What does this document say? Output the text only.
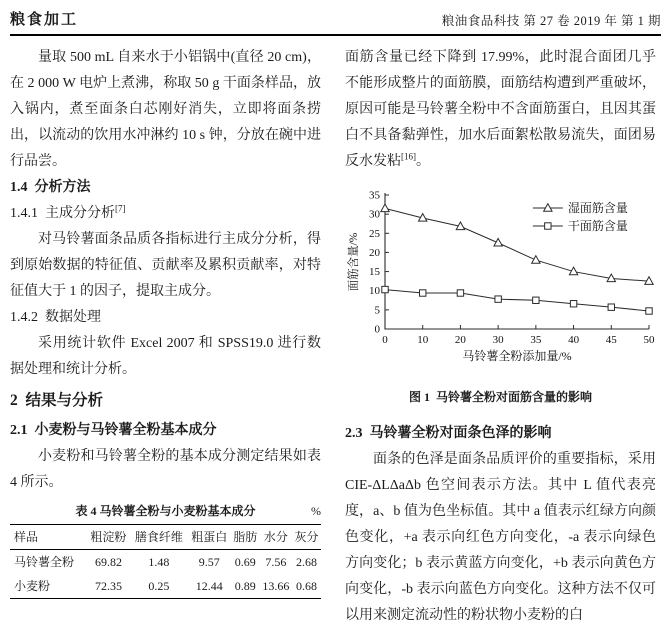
粮食加工	粮油食品科技 第 27 卷 2019 年 第 1 期

量取 500 mL 自来水于小铝锅中(直径 20 cm)，在 2 000 W 电炉上煮沸，称取 50 g 干面条样品，放入锅内，煮至面条白芯刚好消失，立即将面条捞出，以流动的饮用水冲淋约 10 s 钟，分放在碗中进行品尝。

1.4  分析方法

1.4.1  主成分分析[7]

对马铃薯面条品质各指标进行主成分分析，得到原始数据的特征值、贡献率及累积贡献率，对特征值大于 1 的因子，提取主成分。

1.4.2  数据处理

采用统计软件 Excel 2007 和 SPSS19.0 进行数据处理和统计分析。

2  结果与分析

2.1  小麦粉与马铃薯全粉基本成分

小麦粉和马铃薯全粉的基本成分测定结果如表 4 所示。

表 4 马铃薯全粉与小麦粉基本成分	%
样品	粗淀粉	膳食纤维	粗蛋白	脂肪	水分	灰分
马铃薯全粉	69.82	1.48	9.57	0.69	7.56	2.68
小麦粉	72.35	0.25	12.44	0.89	13.66	0.68

面筋含量已经下降到 17.99%，此时混合面团几乎不能形成整片的面筋膜，面筋结构遭到严重破坏，原因可能是马铃薯全粉中不含面筋蛋白，且因其蛋白不具备黏弹性，加水后面絮松散易流失，面团易反水发粘[16]。

0
5
10
15
20
25
30
35
0	10 20 30 35 40 45 50
面筋含量/%
马铃薯全粉添加量/%
湿面筋含量
干面筋含量

图 1  马铃薯全粉对面筋含量的影响

2.3  马铃薯全粉对面条色泽的影响

面条的色泽是面条品质评价的重要指标，采用 CIE-ΔLΔaΔb 色空间表示方法。其中 L 值代表亮度，a、b 值为色坐标值。其中 a 值表示红绿方向颜色变化，+a 表示向红色方向变化，-a 表示向绿色方向变化；b 表示黄蓝方向变化，+b 表示向黄色方向变化，-b 表示向蓝色方向变化。这种方法不仅可以用来测定流动性的粉状物小麦粉的白
